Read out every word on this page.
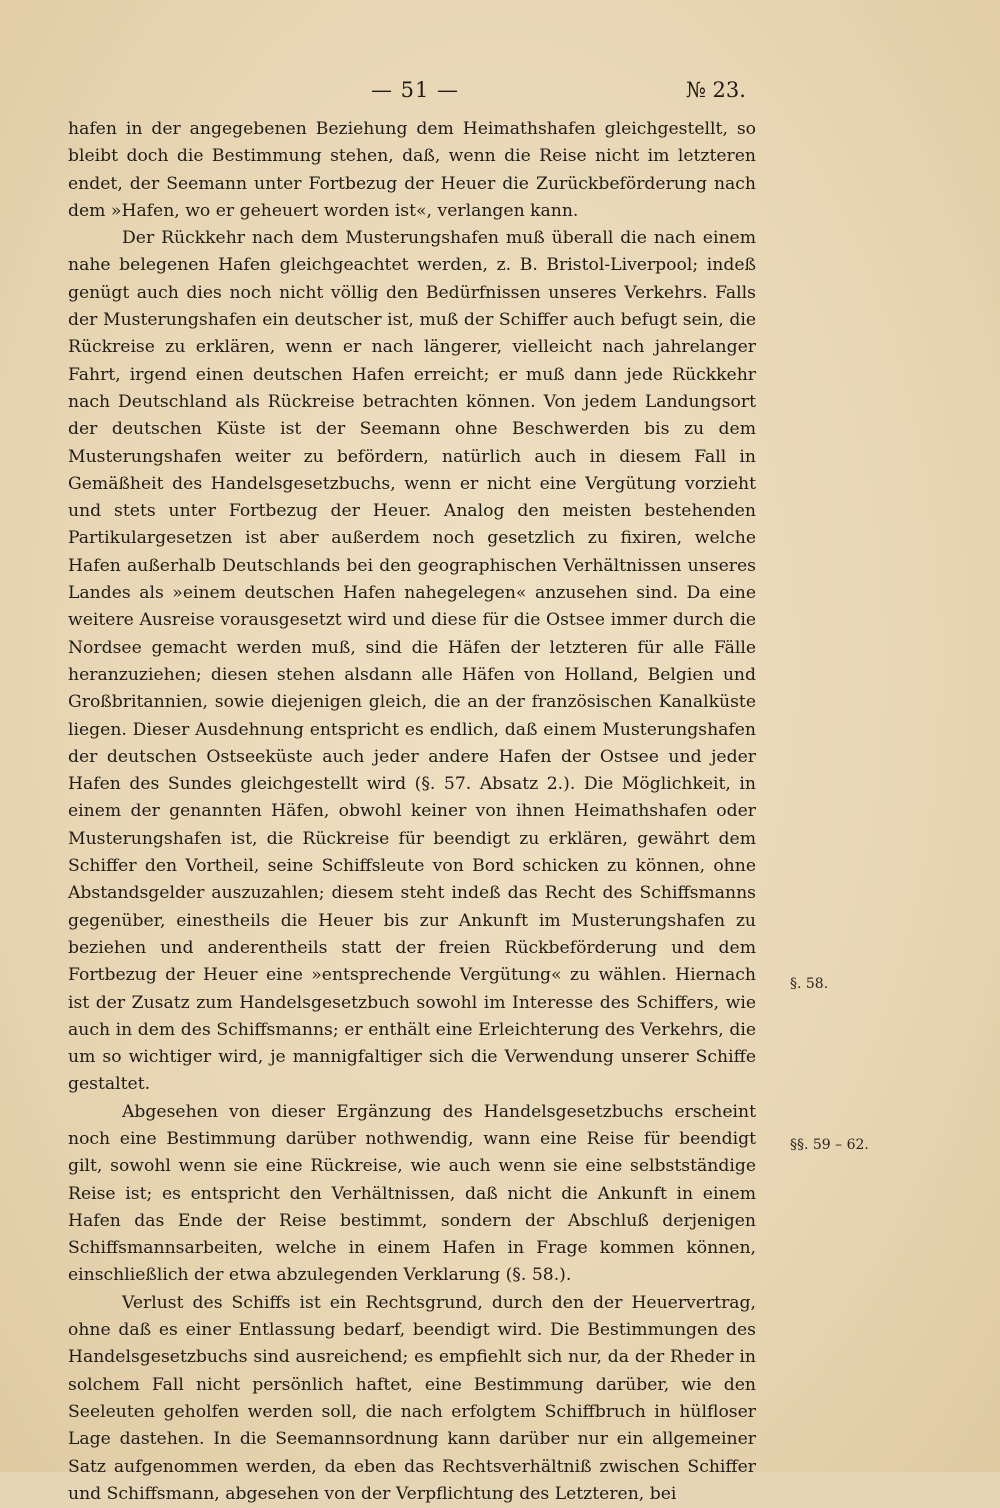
— 51 —	№ 23.

hafen in der angegebenen Beziehung dem Heimathshafen gleichgestellt, so bleibt doch die Bestimmung stehen, daß, wenn die Reise nicht im letzteren endet, der Seemann unter Fortbezug der Heuer die Zurückbeförderung nach dem »Hafen, wo er geheuert worden ist«, verlangen kann.

Der Rückkehr nach dem Musterungshafen muß überall die nach einem nahe belegenen Hafen gleichgeachtet werden, z. B. Bristol-Liverpool; indeß genügt auch dies noch nicht völlig den Bedürfnissen unseres Verkehrs. Falls der Musterungshafen ein deutscher ist, muß der Schiffer auch befugt sein, die Rückreise zu erklären, wenn er nach längerer, vielleicht nach jahrelanger Fahrt, irgend einen deutschen Hafen erreicht; er muß dann jede Rückkehr nach Deutschland als Rückreise betrachten können. Von jedem Landungsort der deutschen Küste ist der Seemann ohne Beschwerden bis zu dem Musterungshafen weiter zu befördern, natürlich auch in diesem Fall in Gemäßheit des Handelsgesetzbuchs, wenn er nicht eine Vergütung vorzieht und stets unter Fortbezug der Heuer. Analog den meisten bestehenden Partikulargesetzen ist aber außerdem noch gesetzlich zu fixiren, welche Hafen außerhalb Deutschlands bei den geographischen Verhältnissen unseres Landes als »einem deutschen Hafen nahegelegen« anzusehen sind. Da eine weitere Ausreise vorausgesetzt wird und diese für die Ostsee immer durch die Nordsee gemacht werden muß, sind die Häfen der letzteren für alle Fälle heranzuziehen; diesen stehen alsdann alle Häfen von Holland, Belgien und Großbritannien, sowie diejenigen gleich, die an der französischen Kanalküste liegen. Dieser Ausdehnung entspricht es endlich, daß einem Musterungshafen der deutschen Ostseeküste auch jeder andere Hafen der Ostsee und jeder Hafen des Sundes gleichgestellt wird (§. 57. Absatz 2.). Die Möglichkeit, in einem der genannten Häfen, obwohl keiner von ihnen Heimathshafen oder Musterungshafen ist, die Rückreise für beendigt zu erklären, gewährt dem Schiffer den Vortheil, seine Schiffsleute von Bord schicken zu können, ohne Abstandsgelder auszuzahlen; diesem steht indeß das Recht des Schiffsmanns gegenüber, einestheils die Heuer bis zur Ankunft im Musterungshafen zu beziehen und anderentheils statt der freien Rückbeförderung und dem Fortbezug der Heuer eine »entsprechende Vergütung« zu wählen. Hiernach ist der Zusatz zum Handelsgesetzbuch sowohl im Interesse des Schiffers, wie auch in dem des Schiffsmanns; er enthält eine Erleichterung des Verkehrs, die um so wichtiger wird, je mannigfaltiger sich die Verwendung unserer Schiffe gestaltet.

Abgesehen von dieser Ergänzung des Handelsgesetzbuchs erscheint noch eine Bestimmung darüber nothwendig, wann eine Reise für beendigt gilt, sowohl wenn sie eine Rückreise, wie auch wenn sie eine selbstständige Reise ist; es entspricht den Verhältnissen, daß nicht die Ankunft in einem Hafen das Ende der Reise bestimmt, sondern der Abschluß derjenigen Schiffsmannsarbeiten, welche in einem Hafen in Frage kommen können, einschließlich der etwa abzulegenden Verklarung (§. 58.).

Verlust des Schiffs ist ein Rechtsgrund, durch den der Heuervertrag, ohne daß es einer Entlassung bedarf, beendigt wird. Die Bestimmungen des Handelsgesetzbuchs sind ausreichend; es empfiehlt sich nur, da der Rheder in solchem Fall nicht persönlich haftet, eine Bestimmung darüber, wie den Seeleuten geholfen werden soll, die nach erfolgtem Schiffbruch in hülfloser Lage dastehen. In die Seemannsordnung kann darüber nur ein allgemeiner Satz aufgenommen werden, da eben das Rechtsverhältniß zwischen Schiffer und Schiffsmann, abgesehen von der Verpflichtung des Letzteren, bei

§. 58.
§§. 59 – 62.
